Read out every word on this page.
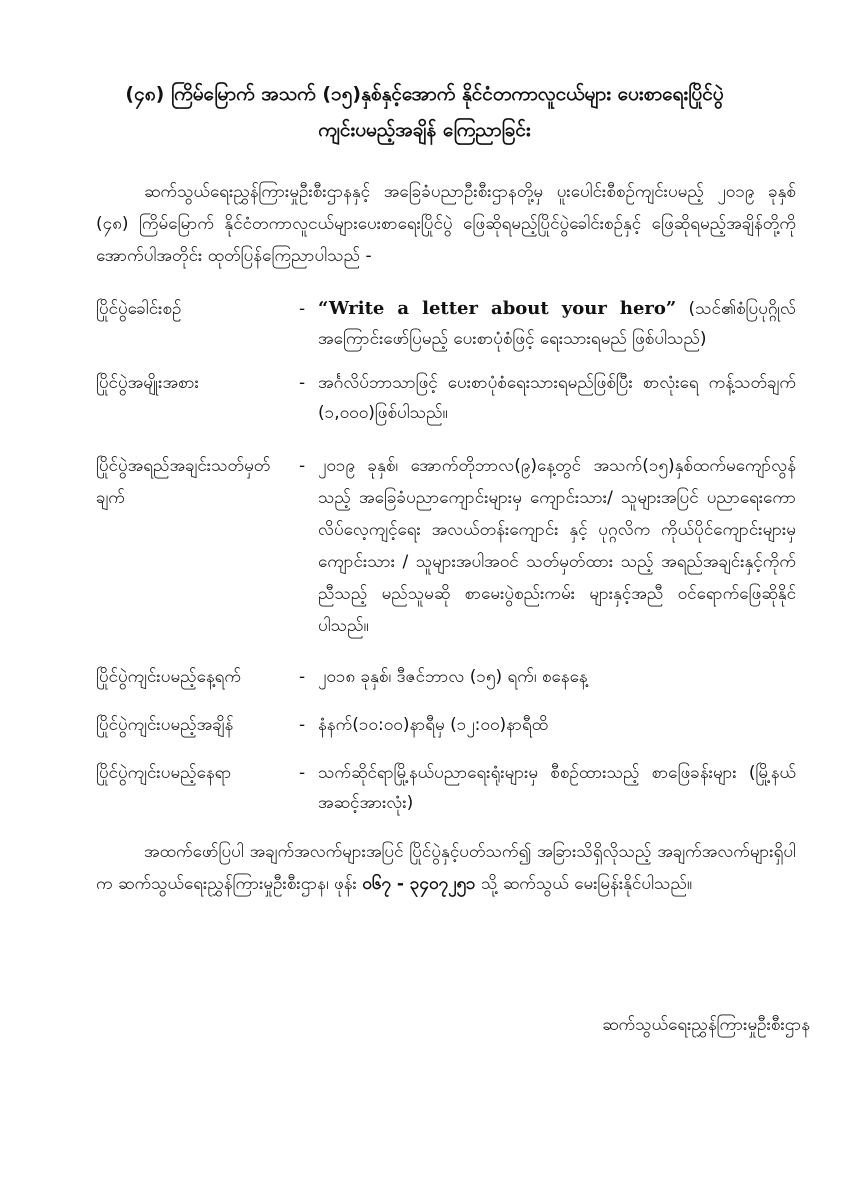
(၄၈) ကြိမ်မြောက် အသက် (၁၅)နှစ်နှင့်အောက် နိုင်ငံတကာလူငယ်များ ပေးစာရေးပြိုင်ပွဲ
ကျင်းပမည့်အချိန် ကြေညာခြင်း
ဆက်သွယ်ရေးညွှန်ကြားမှုဦးစီးဌာနနှင့် အခြေခံပညာဦးစီးဌာနတို့မှ ပူးပေါင်းစီစဉ်ကျင်းပမည့် ၂၀၁၉ ခုနှစ် (၄၈) ကြိမ်မြောက် နိုင်ငံတကာလူငယ်များပေးစာရေးပြိုင်ပွဲ ဖြေဆိုရမည့်ပြိုင်ပွဲခေါင်းစဉ်နှင့် ဖြေဆိုရမည့်အချိန်တို့ကို အောက်ပါအတိုင်း ထုတ်ပြန်ကြေညာပါသည် -
ပြိုင်ပွဲခေါင်းစဉ်	- “Write a letter about your hero” (သင်၏စံပြပုဂ္ဂိုလ်အကြောင်းဖော်ပြမည့် ပေးစာပုံစံဖြင့် ရေးသားရမည် ဖြစ်ပါသည်)
ပြိုင်ပွဲအမျိုးအစား	- အင်္ဂလိပ်ဘာသာဖြင့် ပေးစာပုံစံရေးသားရမည်ဖြစ်ပြီး စာလုံးရေ ကန့်သတ်ချက် (၁,၀၀၀)ဖြစ်ပါသည်။
ပြိုင်ပွဲအရည်အချင်းသတ်မှတ်ချက်
- ၂၀၁၉ ခုနှစ်၊ အောက်တိုဘာလ(၉)နေ့တွင် အသက်(၁၅)နှစ်ထက်မကျော်လွန်သည့် အခြေခံပညာကျောင်းများမှ ကျောင်းသား/ သူများအပြင် ပညာရေးကောလိပ်လေ့ကျင့်ရေး အလယ်တန်းကျောင်း နှင့် ပုဂ္ဂလိက ကိုယ်ပိုင်ကျောင်းများမှ ကျောင်းသား / သူများအပါအဝင် သတ်မှတ်ထား သည့် အရည်အချင်းနှင့်ကိုက်ညီသည့် မည်သူမဆို စာမေးပွဲစည်းကမ်း များနှင့်အညီ ဝင်ရောက်ဖြေဆိုနိုင်ပါသည်။
ပြိုင်ပွဲကျင်းပမည့်နေ့ရက်	- ၂၀၁၈ ခုနှစ်၊ ဒီဇင်ဘာလ (၁၅) ရက်၊ စနေနေ့
ပြိုင်ပွဲကျင်းပမည့်အချိန်	- နံနက်(၁၀:၀၀)နာရီမှ (၁၂:၀၀)နာရီထိ
ပြိုင်ပွဲကျင်းပမည့်နေရာ	- သက်ဆိုင်ရာမြို့နယ်ပညာရေးရုံးများမှ စီစဉ်ထားသည့် စာဖြေခန်းများ (မြို့နယ်အဆင့်အားလုံး)
အထက်ဖော်ပြပါ အချက်အလက်များအပြင် ပြိုင်ပွဲနှင့်ပတ်သက်၍ အခြားသိရှိလိုသည့် အချက်အလက်များရှိပါက ဆက်သွယ်ရေးညွှန်ကြားမှုဦးစီးဌာန၊ ဖုန်း ၀၆၇ - ၃၄၀၇၂၅၁ သို့ ဆက်သွယ် မေးမြန်းနိုင်ပါသည်။
ဆက်သွယ်ရေးညွှန်ကြားမှုဦးစီးဌာန
